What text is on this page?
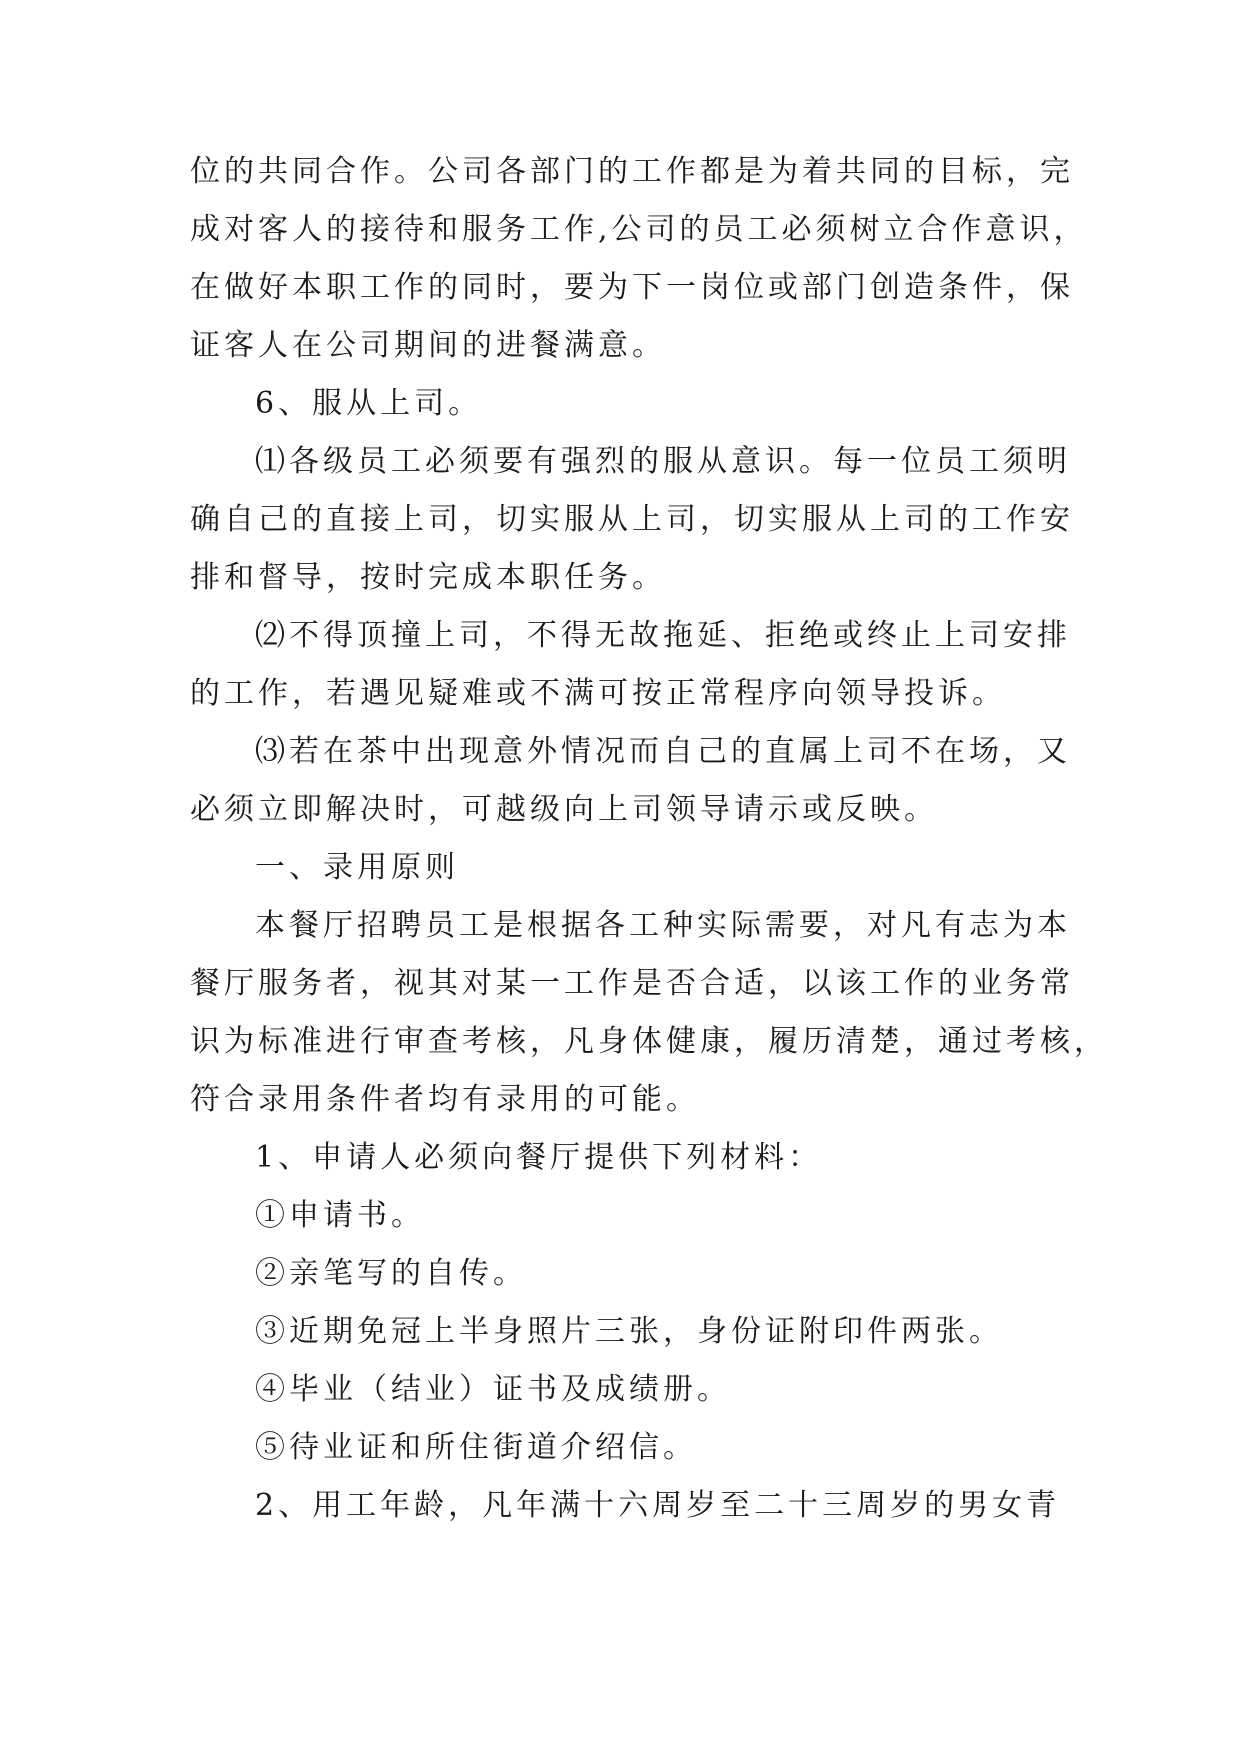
位的共同合作。公司各部门的工作都是为着共同的目标，完
成对客人的接待和服务工作,公司的员工必须树立合作意识，
在做好本职工作的同时，要为下一岗位或部门创造条件，保
证客人在公司期间的进餐满意。
6、服从上司。
⑴各级员工必须要有强烈的服从意识。每一位员工须明
确自己的直接上司，切实服从上司，切实服从上司的工作安
排和督导，按时完成本职任务。
⑵不得顶撞上司，不得无故拖延、拒绝或终止上司安排
的工作，若遇见疑难或不满可按正常程序向领导投诉。
⑶若在茶中出现意外情况而自己的直属上司不在场，又
必须立即解决时，可越级向上司领导请示或反映。
一、录用原则
本餐厅招聘员工是根据各工种实际需要，对凡有志为本
餐厅服务者，视其对某一工作是否合适，以该工作的业务常
识为标准进行审查考核，凡身体健康，履历清楚，通过考核，
符合录用条件者均有录用的可能。
1、申请人必须向餐厅提供下列材料：
①申请书。
②亲笔写的自传。
③近期免冠上半身照片三张，身份证附印件两张。
④毕业（结业）证书及成绩册。
⑤待业证和所住街道介绍信。
2、用工年龄，凡年满十六周岁至二十三周岁的男女青
